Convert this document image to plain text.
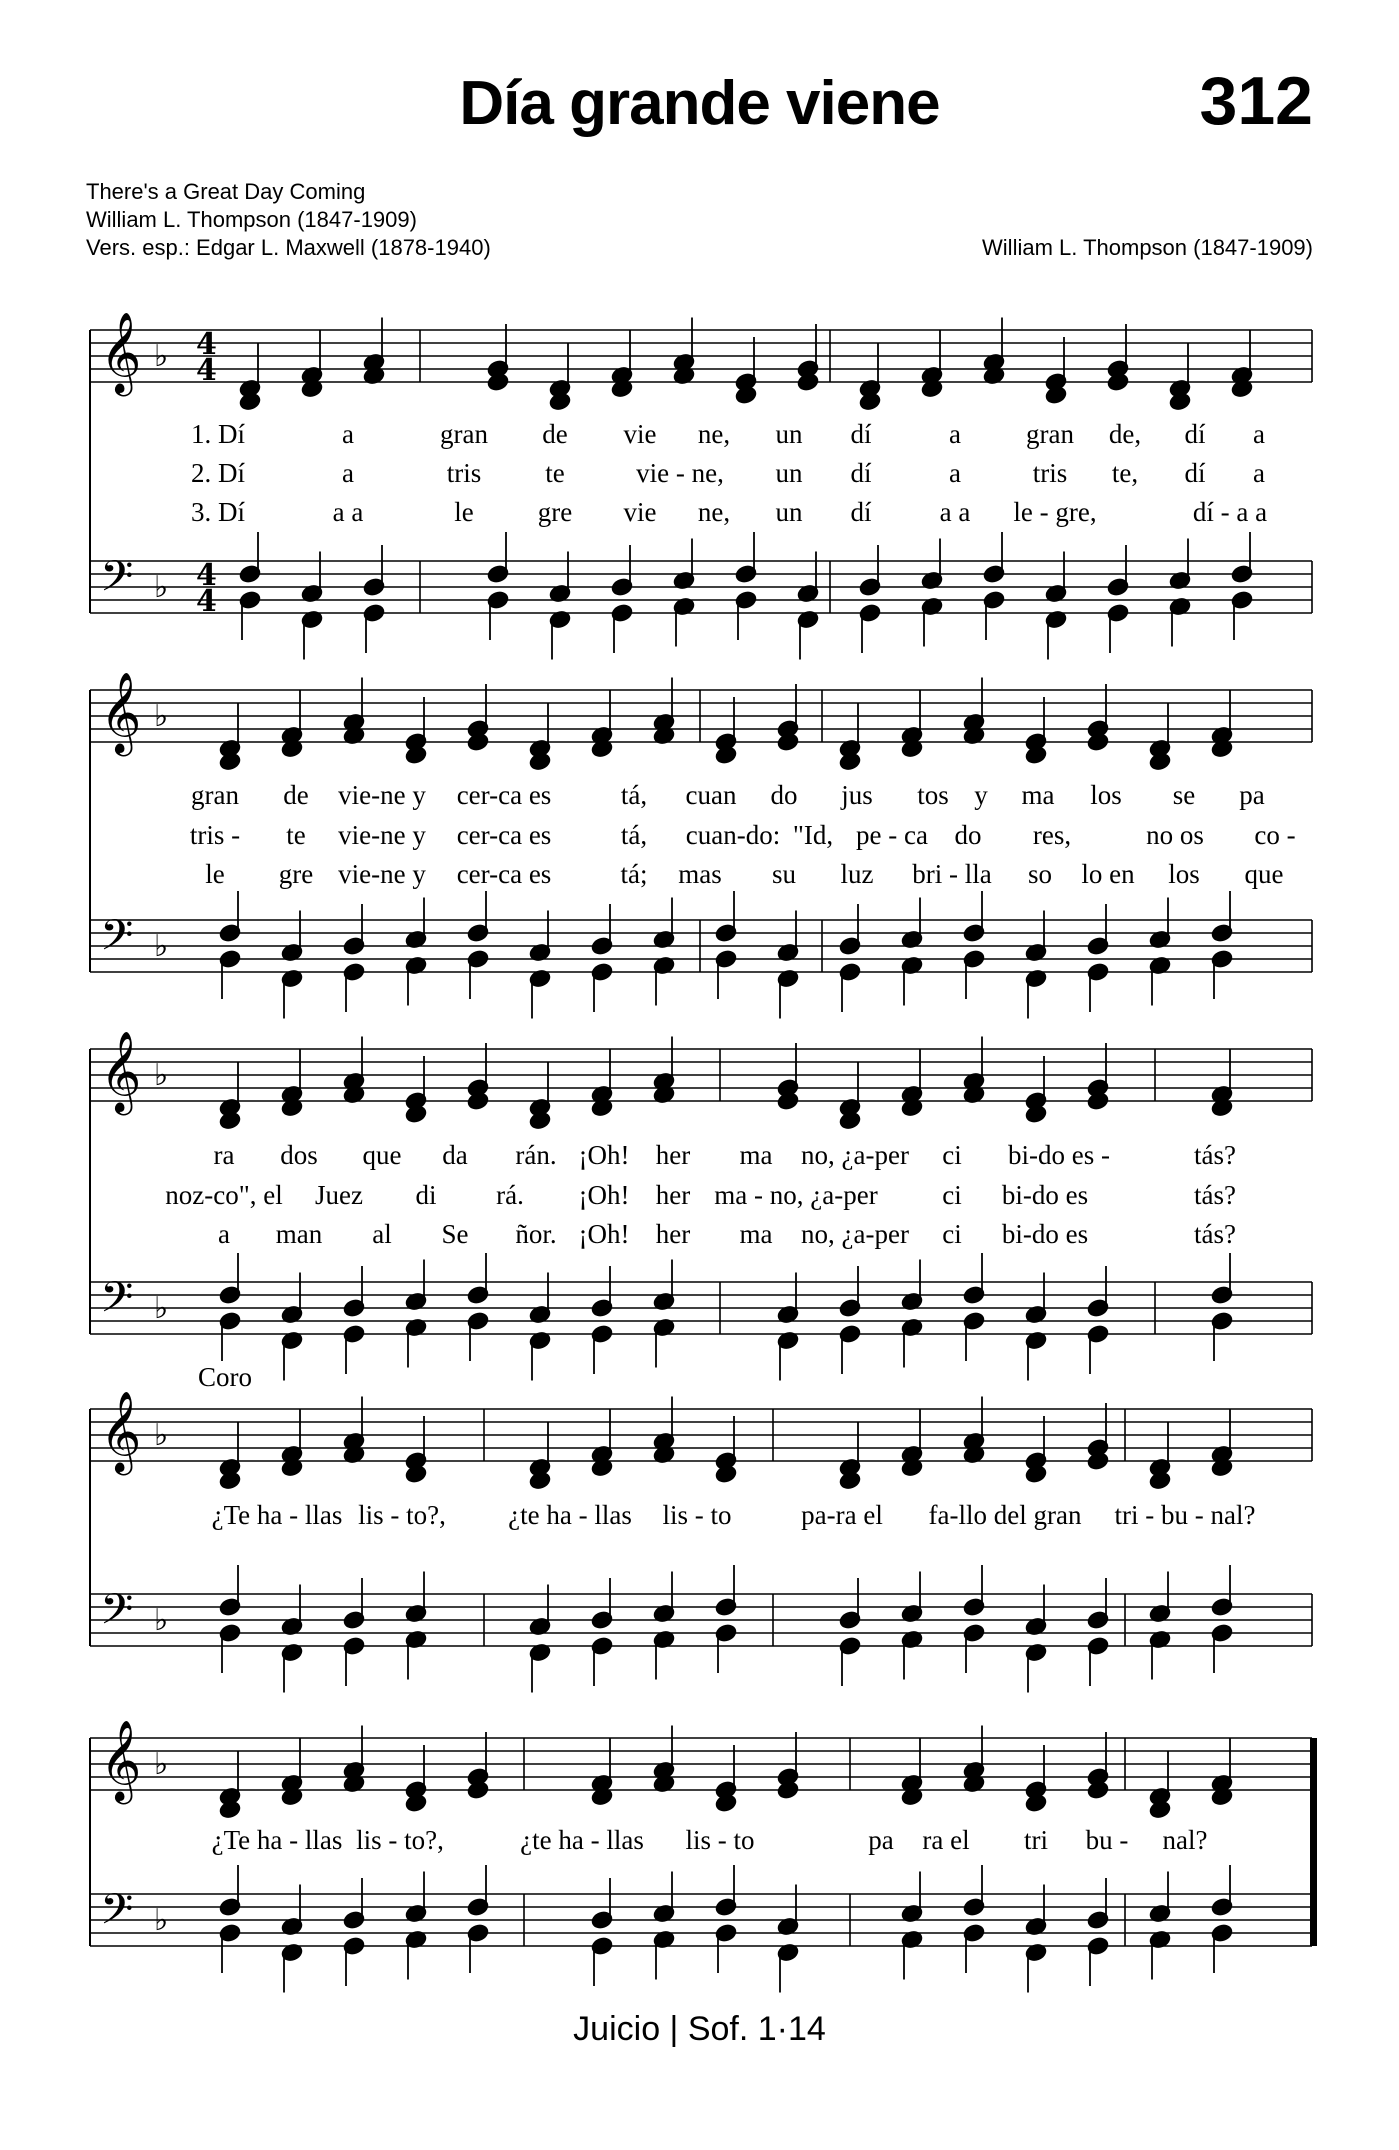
Día grande viene	312
There's a Great Day Coming
William L. Thompson (1847-1909)
Vers. esp.: Edgar L. Maxwell (1878-1940)	William L. Thompson (1847-1909)
𝄞
𝄢
♭
♭
4
4
4
4
1. Dí	a	gran de vie ne, un dí	a gran de, dí a
2. Dí	a	tris te	vie - ne, un dí	a	tris te, dí a
3. Dí	a a	le gre vie ne, un dí	a a le - gre,	dí - a a
𝄞
𝄢
♭
♭
gran de vie-ne y cer-ca es	tá, cuan do jus tos y ma los se pa
tris - te vie-ne y cer-ca es	tá, cuan-do: "Id, pe - ca do res,	no os co -
le gre vie-ne y cer-ca es	tá; mas su luz bri - lla so lo en los que
𝄞
𝄢
♭
♭
ra dos que da rán. ¡Oh! her ma no, ¿a-per ci bi-do es -	tás?
noz-co", el Juez di rá. ¡Oh! her ma - no, ¿a-per ci bi-do es	tás?
a man al Se ñor. ¡Oh! her ma no, ¿a-per ci bi-do es	tás?
𝄞
𝄢
♭
♭
¿Te ha - llas lis - to?, ¿te ha - llas lis - to	pa-ra el fa-llo del gran tri - bu - nal?
𝄞
𝄢
♭
♭
¿Te ha - llas lis - to?,	¿te ha - llas lis - to	pa ra el tri bu - nal?
Coro
Juicio | Sof. 1·14
